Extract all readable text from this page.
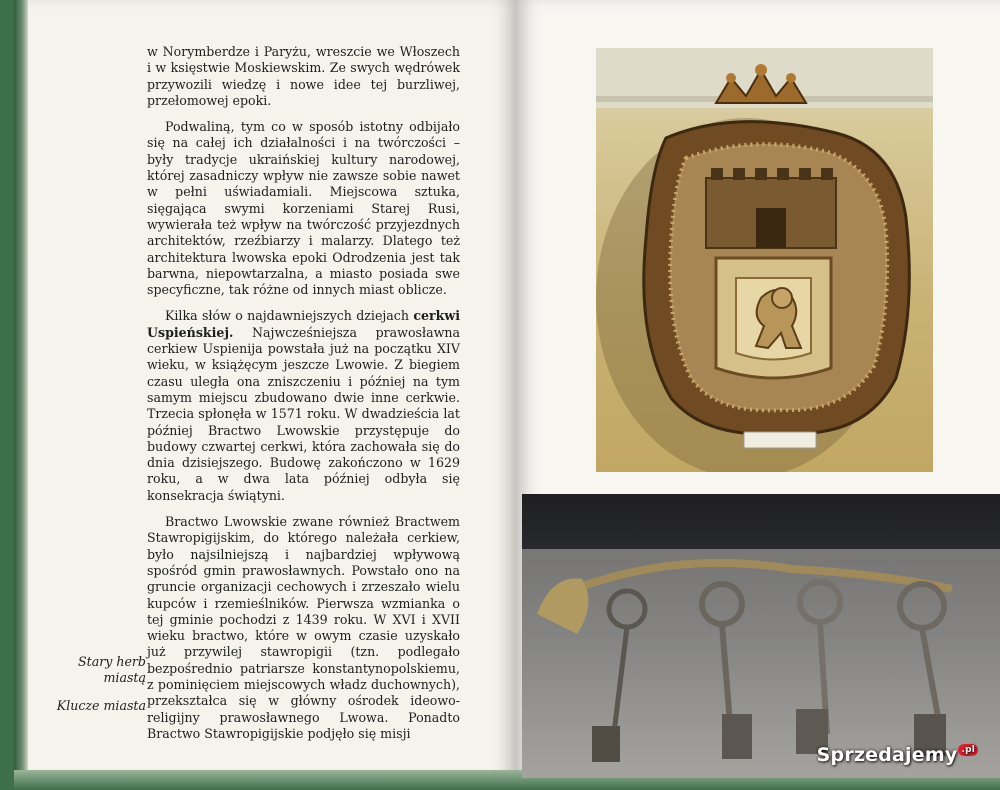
w Norymberdze i Paryżu, wreszcie we Włoszech i w księstwie Moskiewskim. Ze swych wędrówek przywozili wiedzę i nowe idee tej burzliwej, przełomowej epoki.

Podwaliną, tym co w sposób istotny odbijało się na całej ich działalności i na twórczości – były tradycje ukraińskiej kultury narodowej, której zasadniczy wpływ nie zawsze sobie nawet w pełni uświadamiali. Miejscowa sztuka, sięgająca swymi korzeniami Starej Rusi, wywierała też wpływ na twórczość przyjezdnych architektów, rzeźbiarzy i malarzy. Dlatego też architektura lwowska epoki Odrodzenia jest tak barwna, niepowtarzalna, a miasto posiada swe specyficzne, tak różne od innych miast oblicze.

Kilka słów o najdawniejszych dziejach cerkwi Uspieńskiej. Najwcześniejsza prawosławna cerkiew Uspienija powstała już na początku XIV wieku, w książęcym jeszcze Lwowie. Z biegiem czasu uległa ona zniszczeniu i później na tym samym miejscu zbudowano dwie inne cerkwie. Trzecia spłonęła w 1571 roku. W dwadzieścia lat później Bractwo Lwowskie przystępuje do budowy czwartej cerkwi, która zachowała się do dnia dzisiejszego. Budowę zakończono w 1629 roku, a w dwa lata później odbyła się konsekracja świątyni.

Bractwo Lwowskie zwane również Bractwem Stawropigijskim, do którego należała cerkiew, było najsilniejszą i najbardziej wpływową spośród gmin prawosławnych. Powstało ono na gruncie organizacji cechowych i zrzeszało wielu kupców i rzemieślników. Pierwsza wzmianka o tej gminie pochodzi z 1439 roku. W XVI i XVII wieku bractwo, które w owym czasie uzyskało już przywilej stawropigii (tzn. podlegało bezpośrednio patriarsze konstantynopolskiemu, z pominięciem miejscowych władz duchownych), przekształca się w główny ośrodek ideowo-religijny prawosławnego Lwowa. Ponadto Bractwo Stawropigijskie podjęło się misji

Stary herb miastą
Klucze miasta
Sprzedajemy .pl
